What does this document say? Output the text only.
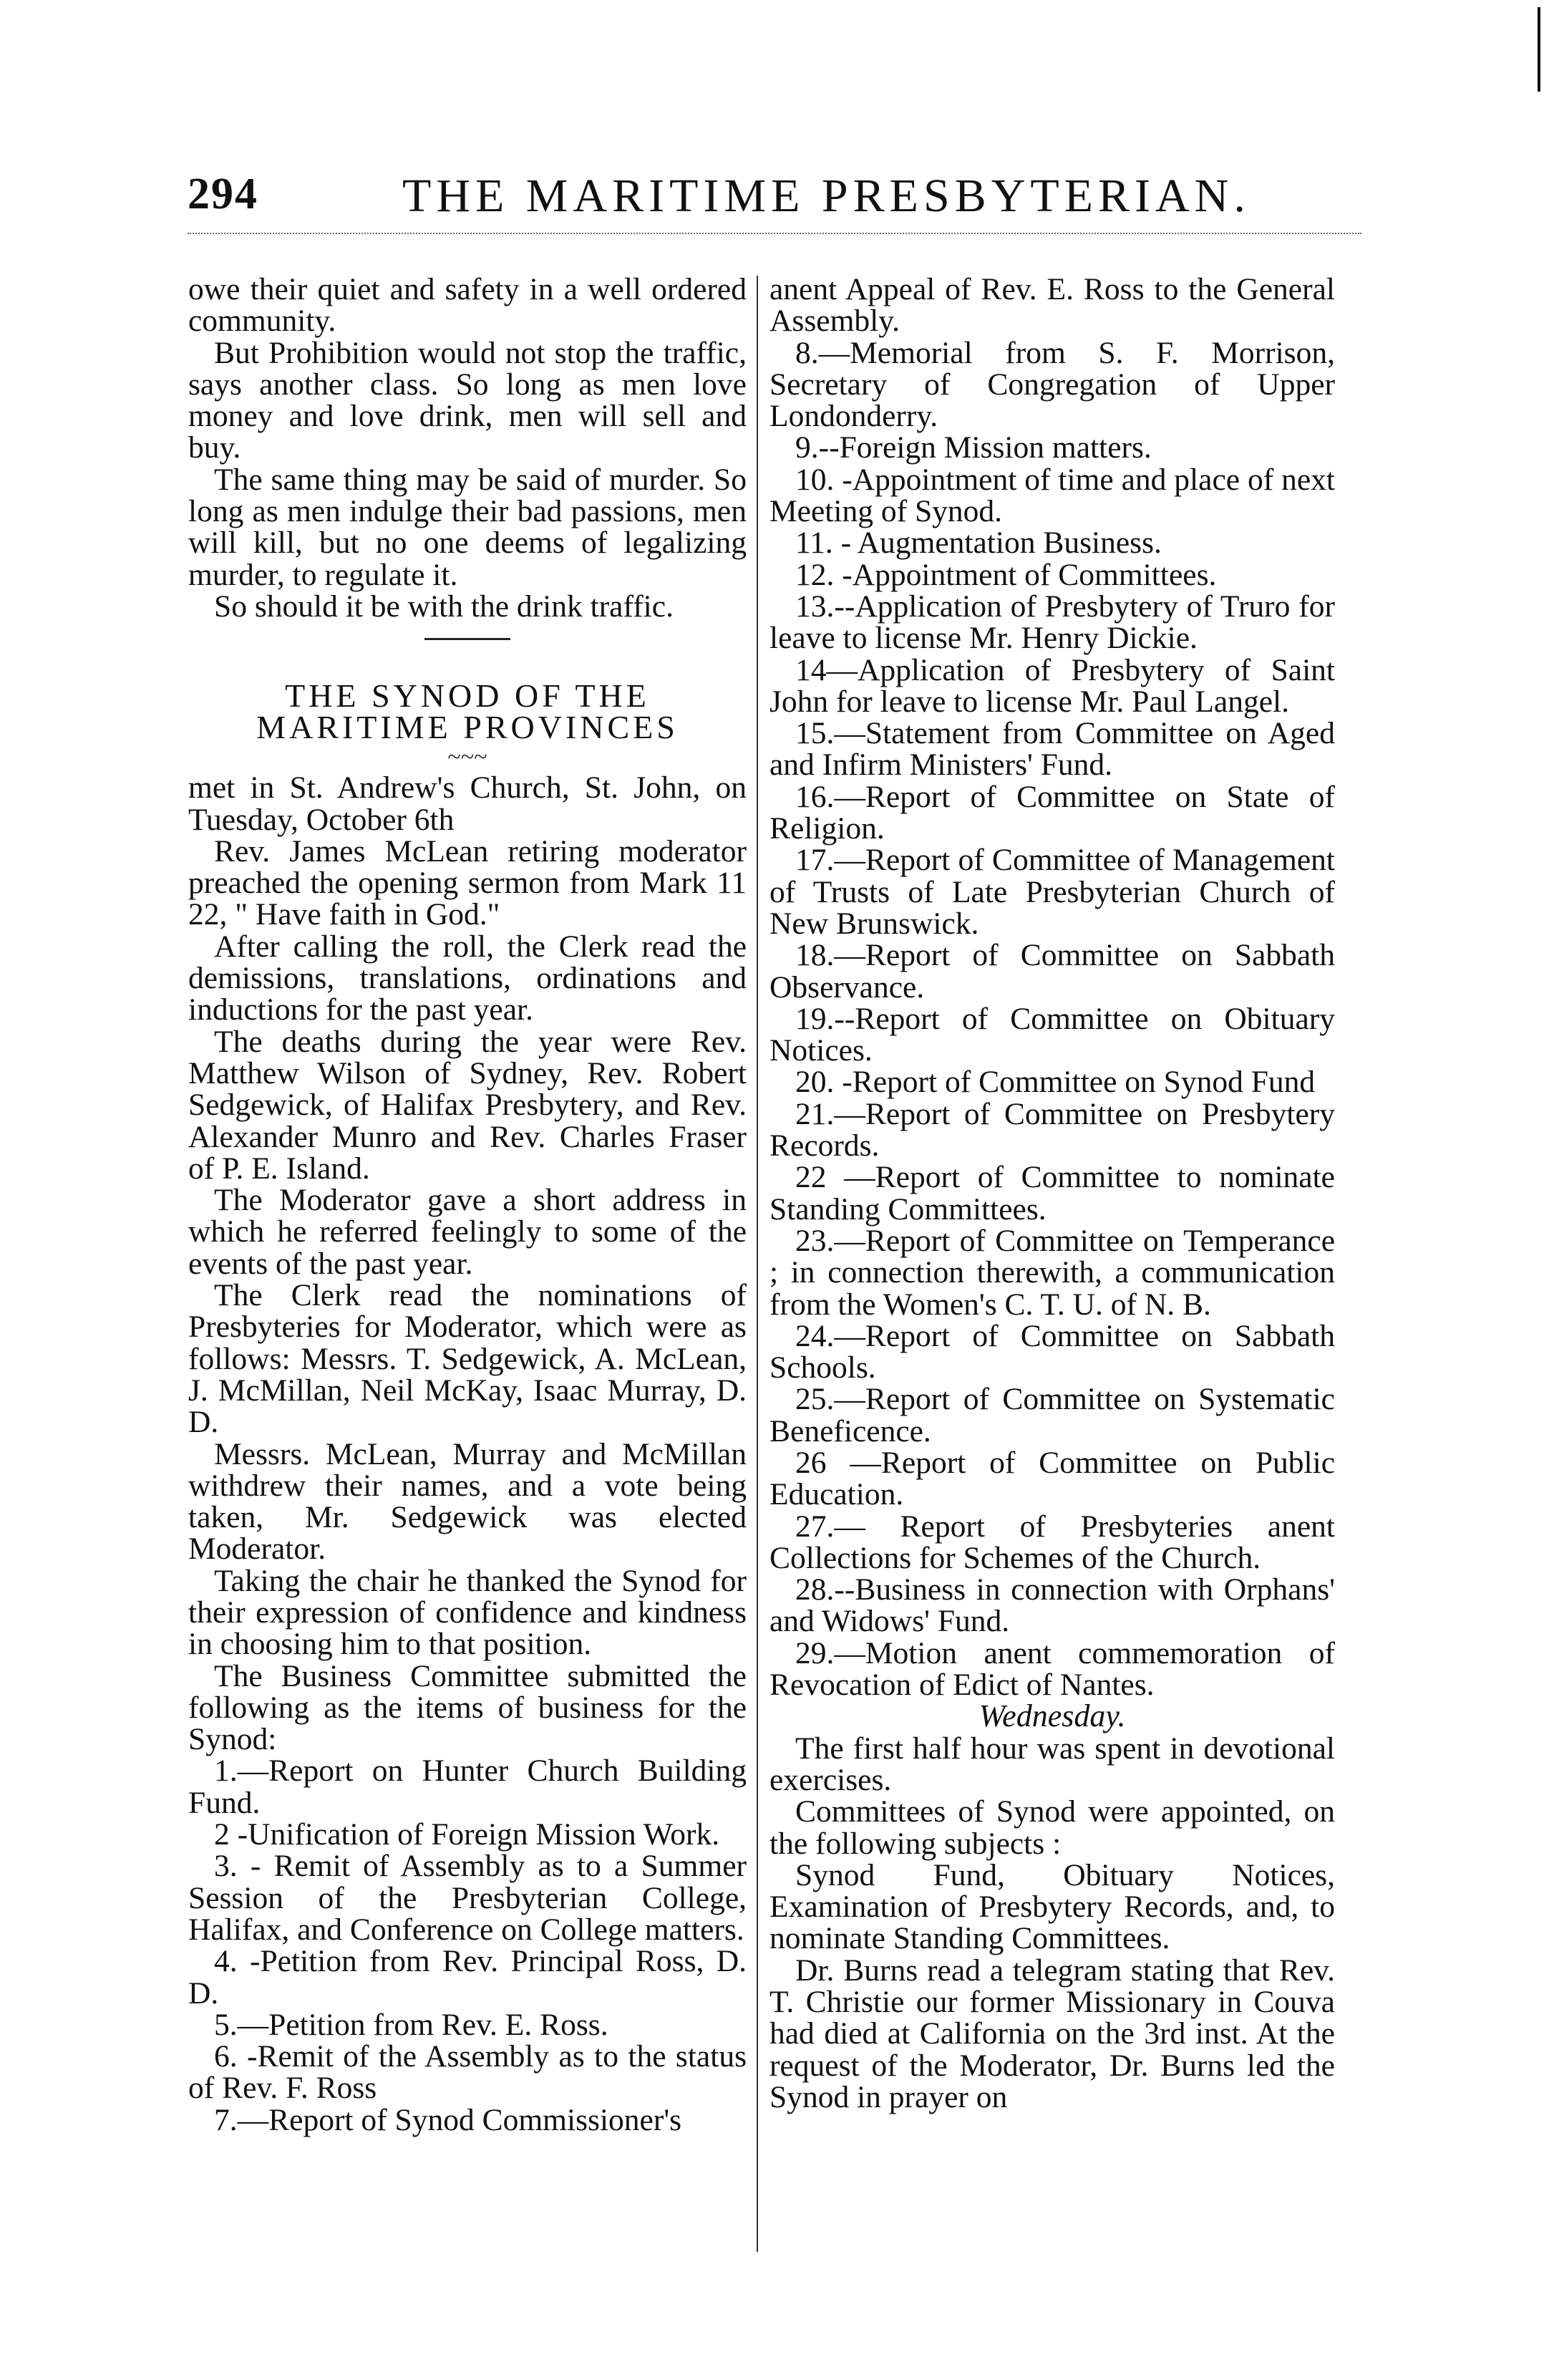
294	THE MARITIME PRESBYTERIAN.

owe their quiet and safety in a well ordered community.

But Prohibition would not stop the traffic, says another class. So long as men love money and love drink, men will sell and buy.

The same thing may be said of murder. So long as men indulge their bad passions, men will kill, but no one deems of legalizing murder, to regulate it.

So should it be with the drink traffic.

THE SYNOD OF THE MARITIME PROVINCES

~~~

met in St. Andrew's Church, St. John, on Tuesday, October 6th

Rev. James McLean retiring moderator preached the opening sermon from Mark 11 22, " Have faith in God."

After calling the roll, the Clerk read the demissions, translations, ordinations and inductions for the past year.

The deaths during the year were Rev. Matthew Wilson of Sydney, Rev. Robert Sedgewick, of Halifax Presbytery, and Rev. Alexander Munro and Rev. Charles Fraser of P. E. Island.

The Moderator gave a short address in which he referred feelingly to some of the events of the past year.

The Clerk read the nominations of Presbyteries for Moderator, which were as follows: Messrs. T. Sedgewick, A. McLean, J. McMillan, Neil McKay, Isaac Murray, D. D.

Messrs. McLean, Murray and McMillan withdrew their names, and a vote being taken, Mr. Sedgewick was elected Moderator.

Taking the chair he thanked the Synod for their expression of confidence and kindness in choosing him to that position.

The Business Committee submitted the following as the items of business for the Synod:

1.—Report on Hunter Church Building Fund.

2 -Unification of Foreign Mission Work.

3. - Remit of Assembly as to a Summer Session of the Presbyterian College, Halifax, and Conference on College matters.

4. -Petition from Rev. Principal Ross, D. D.

5.—Petition from Rev. E. Ross.

6. -Remit of the Assembly as to the status of Rev. F. Ross

7.—Report of Synod Commissioner's

anent Appeal of Rev. E. Ross to the General Assembly.

8.—Memorial from S. F. Morrison, Secretary of Congregation of Upper Londonderry.

9.--Foreign Mission matters.

10. -Appointment of time and place of next Meeting of Synod.

11. - Augmentation Business.

12. -Appointment of Committees.

13.--Application of Presbytery of Truro for leave to license Mr. Henry Dickie.

14—Application of Presbytery of Saint John for leave to license Mr. Paul Langel.

15.—Statement from Committee on Aged and Infirm Ministers' Fund.

16.—Report of Committee on State of Religion.

17.—Report of Committee of Management of Trusts of Late Presbyterian Church of New Brunswick.

18.—Report of Committee on Sabbath Observance.

19.--Report of Committee on Obituary Notices.

20. -Report of Committee on Synod Fund

21.—Report of Committee on Presbytery Records.

22 —Report of Committee to nominate Standing Committees.

23.—Report of Committee on Temperance ; in connection therewith, a communication from the Women's C. T. U. of N. B.

24.—Report of Committee on Sabbath Schools.

25.—Report of Committee on Systematic Beneficence.

26 —Report of Committee on Public Education.

27.— Report of Presbyteries anent Collections for Schemes of the Church.

28.--Business in connection with Orphans' and Widows' Fund.

29.—Motion anent commemoration of Revocation of Edict of Nantes.

Wednesday.

The first half hour was spent in devotional exercises.

Committees of Synod were appointed, on the following subjects :

Synod Fund, Obituary Notices, Examination of Presbytery Records, and, to nominate Standing Committees.

Dr. Burns read a telegram stating that Rev. T. Christie our former Missionary in Couva had died at California on the 3rd inst. At the request of the Moderator, Dr. Burns led the Synod in prayer on
